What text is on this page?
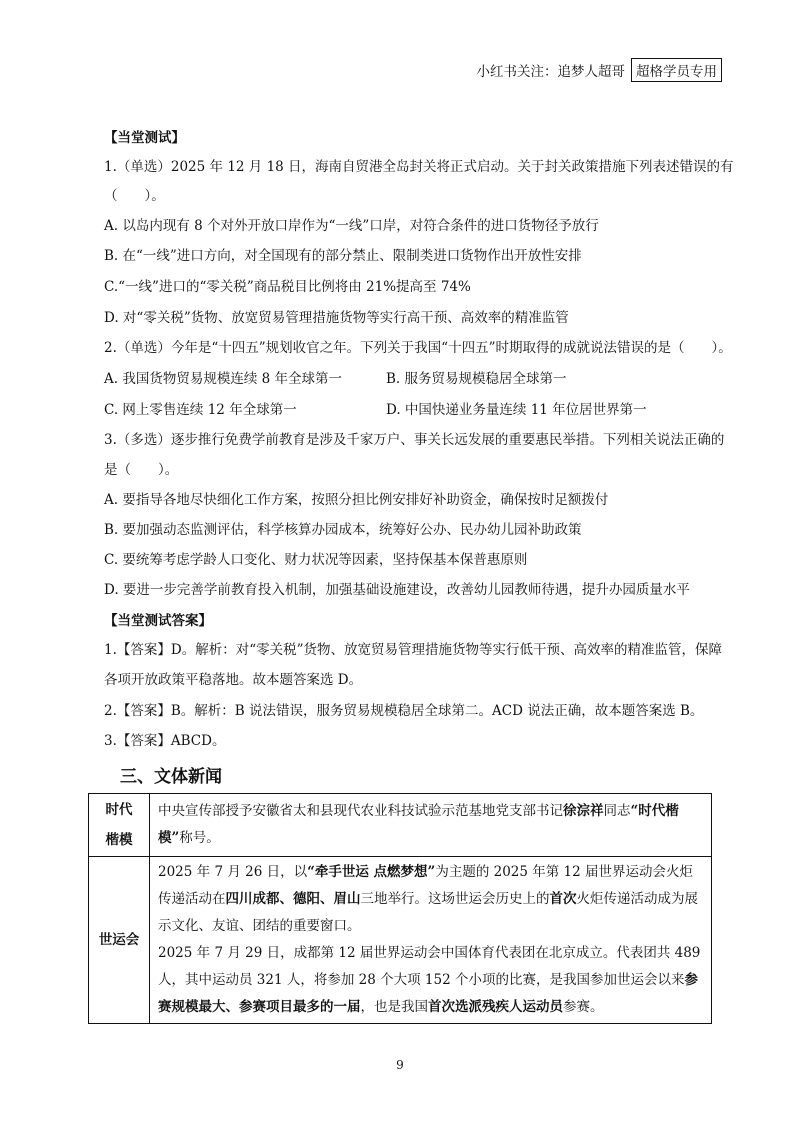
小红书关注：追梦人超哥 超格学员专用
【当堂测试】
1.（单选）2025 年 12 月 18 日，海南自贸港全岛封关将正式启动。关于封关政策措施下列表述错误的有
（　　）。
A. 以岛内现有 8 个对外开放口岸作为“一线”口岸，对符合条件的进口货物径予放行
B. 在“一线”进口方向，对全国现有的部分禁止、限制类进口货物作出开放性安排
C.“一线”进口的“零关税”商品税目比例将由 21%提高至 74%
D. 对“零关税”货物、放宽贸易管理措施货物等实行高干预、高效率的精准监管
2.（单选）今年是“十四五”规划收官之年。下列关于我国“十四五”时期取得的成就说法错误的是（　　）。
A. 我国货物贸易规模连续 8 年全球第一	B. 服务贸易规模稳居全球第一
C. 网上零售连续 12 年全球第一	D. 中国快递业务量连续 11 年位居世界第一
3.（多选）逐步推行免费学前教育是涉及千家万户、事关长远发展的重要惠民举措。下列相关说法正确的
是（　　）。
A. 要指导各地尽快细化工作方案，按照分担比例安排好补助资金，确保按时足额拨付
B. 要加强动态监测评估，科学核算办园成本，统筹好公办、民办幼儿园补助政策
C. 要统筹考虑学龄人口变化、财力状况等因素，坚持保基本保普惠原则
D. 要进一步完善学前教育投入机制，加强基础设施建设，改善幼儿园教师待遇，提升办园质量水平
【当堂测试答案】
1.【答案】D。解析：对“零关税”货物、放宽贸易管理措施货物等实行低干预、高效率的精准监管，保障
各项开放政策平稳落地。故本题答案选 D。
2.【答案】B。解析：B 说法错误，服务贸易规模稳居全球第二。ACD 说法正确，故本题答案选 B。
3.【答案】ABCD。
三、文体新闻
时代
楷模	中央宣传部授予安徽省太和县现代农业科技试验示范基地党支部书记徐淙祥同志“时代楷模”称号。
世运会	2025 年 7 月 26 日，以“牵手世运 点燃梦想”为主题的 2025 年第 12 届世界运动会火炬传递活动在四川成都、德阳、眉山三地举行。这场世运会历史上的首次火炬传递活动成为展示文化、友谊、团结的重要窗口。
2025 年 7 月 29 日，成都第 12 届世界运动会中国体育代表团在北京成立。代表团共 489 人，其中运动员 321 人，将参加 28 个大项 152 个小项的比赛，是我国参加世运会以来参赛规模最大、参赛项目最多的一届，也是我国首次选派残疾人运动员参赛。
9
